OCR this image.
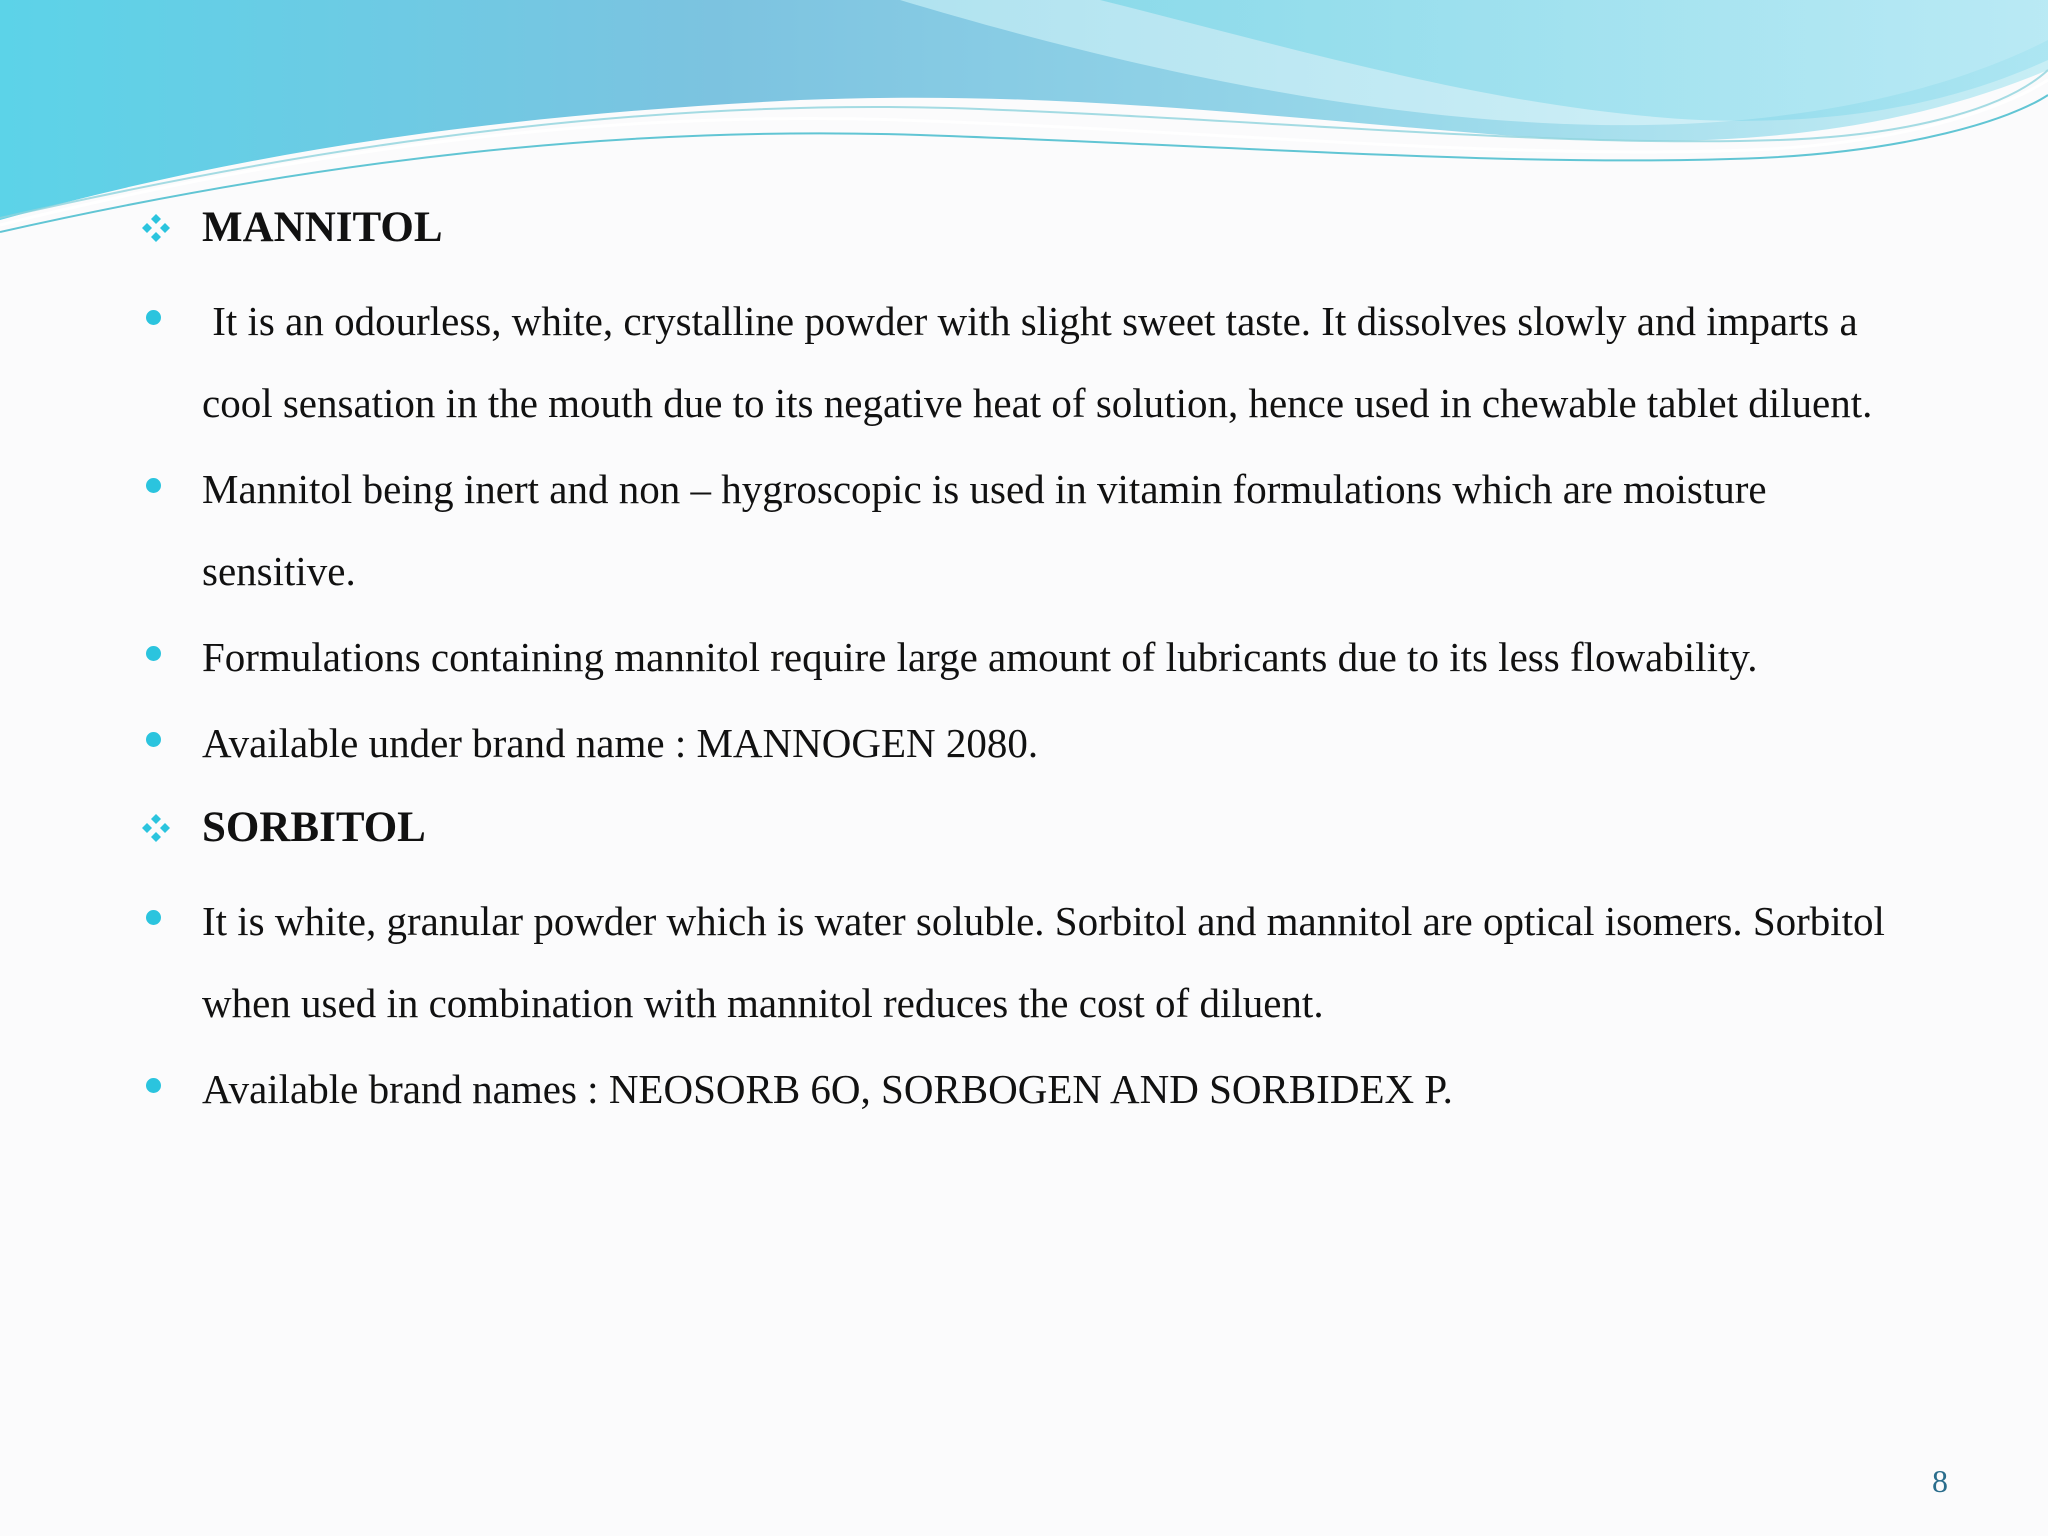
MANNITOL
It is an odourless, white, crystalline powder with slight sweet taste. It dissolves slowly and imparts a cool sensation in the mouth due to its negative heat of solution, hence used in chewable tablet diluent.
Mannitol being inert and non – hygroscopic is used in vitamin formulations which are moisture sensitive.
Formulations containing mannitol require large amount of lubricants due to its less flowability.
Available under brand name : MANNOGEN 2080.
SORBITOL
It is white, granular powder which is water soluble. Sorbitol and mannitol are optical isomers. Sorbitol when used in combination with mannitol reduces the cost of diluent.
Available brand names : NEOSORB 6O, SORBOGEN AND SORBIDEX P.
8
